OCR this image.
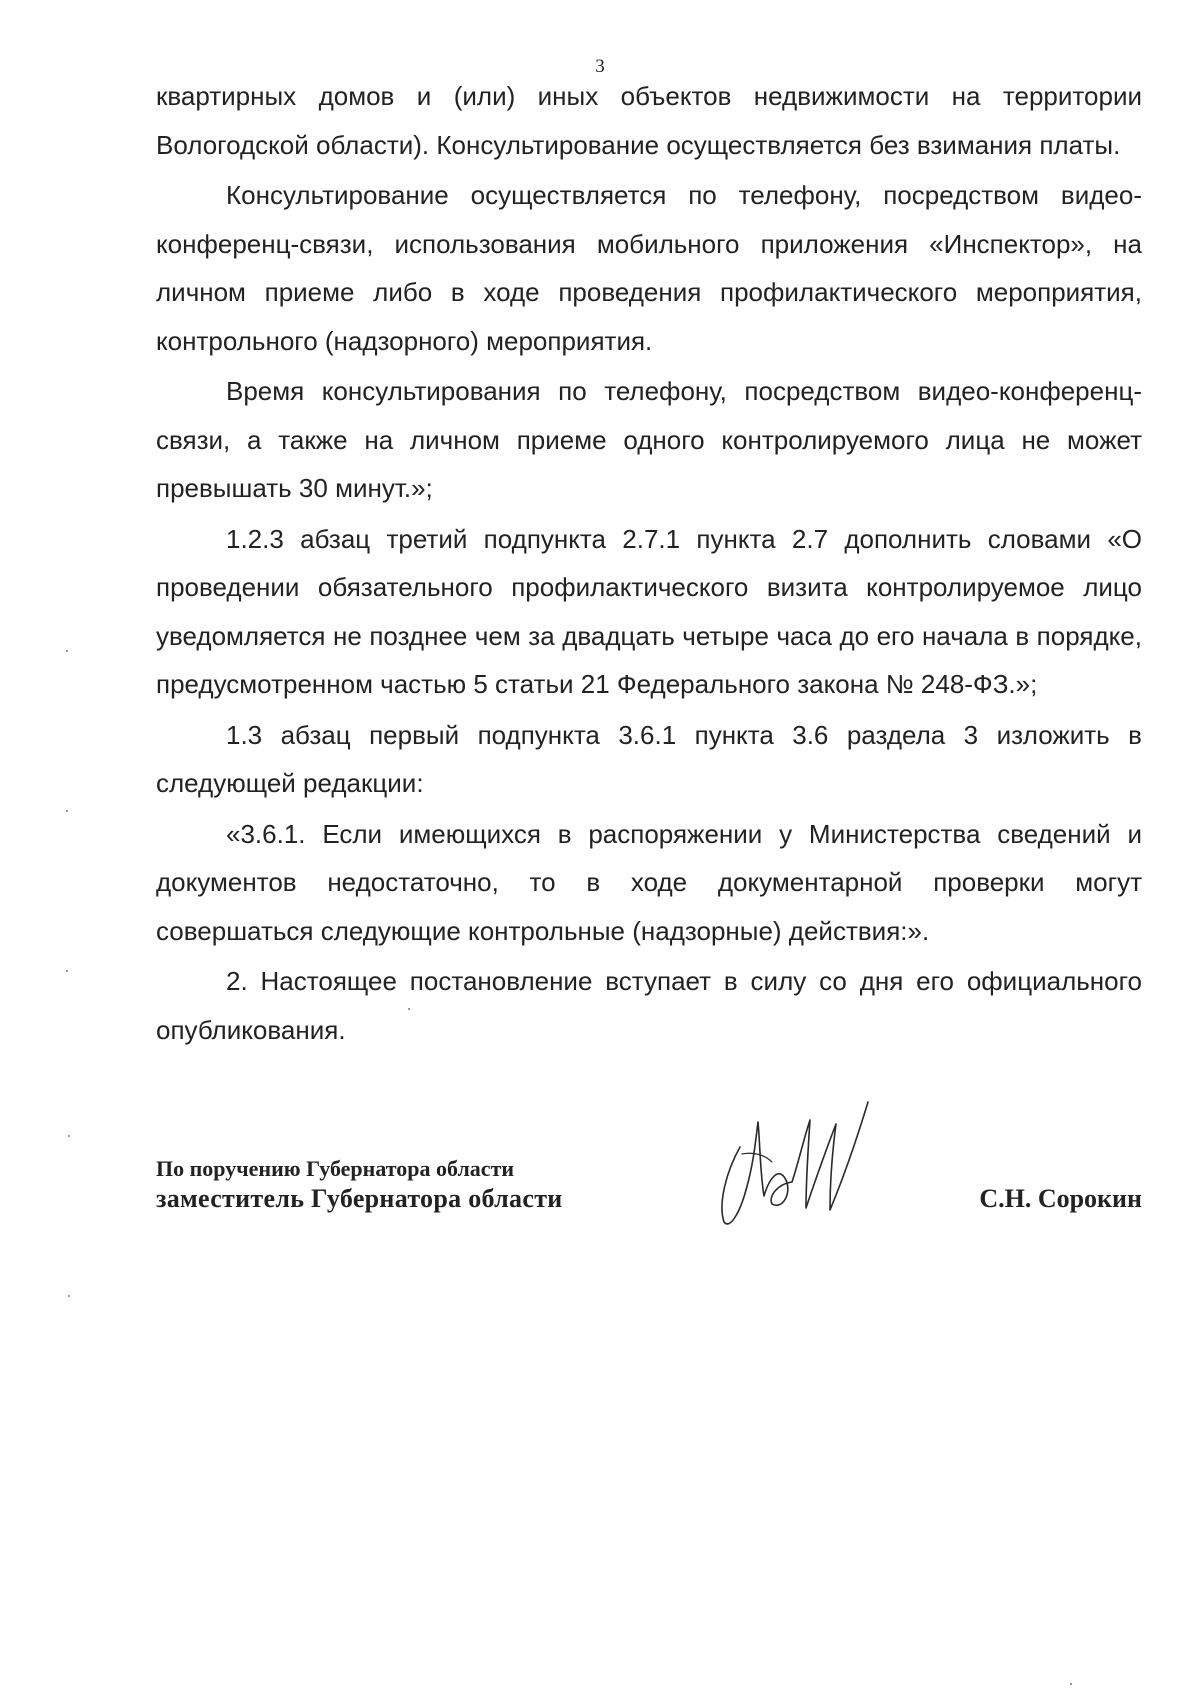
3

квартирных домов и (или) иных объектов недвижимости на территории Вологодской области). Консультирование осуществляется без взимания платы.

Консультирование осуществляется по телефону, посредством видео-конференц-связи, использования мобильного приложения «Инспектор», на личном приеме либо в ходе проведения профилактического мероприятия, контрольного (надзорного) мероприятия.

Время консультирования по телефону, посредством видео-конференц-связи, а также на личном приеме одного контролируемого лица не может превышать 30 минут.»;

1.2.3 абзац третий подпункта 2.7.1 пункта 2.7 дополнить словами «О проведении обязательного профилактического визита контролируемое лицо уведомляется не позднее чем за двадцать четыре часа до его начала в порядке, предусмотренном частью 5 статьи 21 Федерального закона № 248-ФЗ.»;

1.3 абзац первый подпункта 3.6.1 пункта 3.6 раздела 3 изложить в следующей редакции:

«3.6.1. Если имеющихся в распоряжении у Министерства сведений и документов недостаточно, то в ходе документарной проверки могут совершаться следующие контрольные (надзорные) действия:».

2. Настоящее постановление вступает в силу со дня его официального опубликования.

По поручению Губернатора области
заместитель Губернатора области	С.Н. Сорокин
